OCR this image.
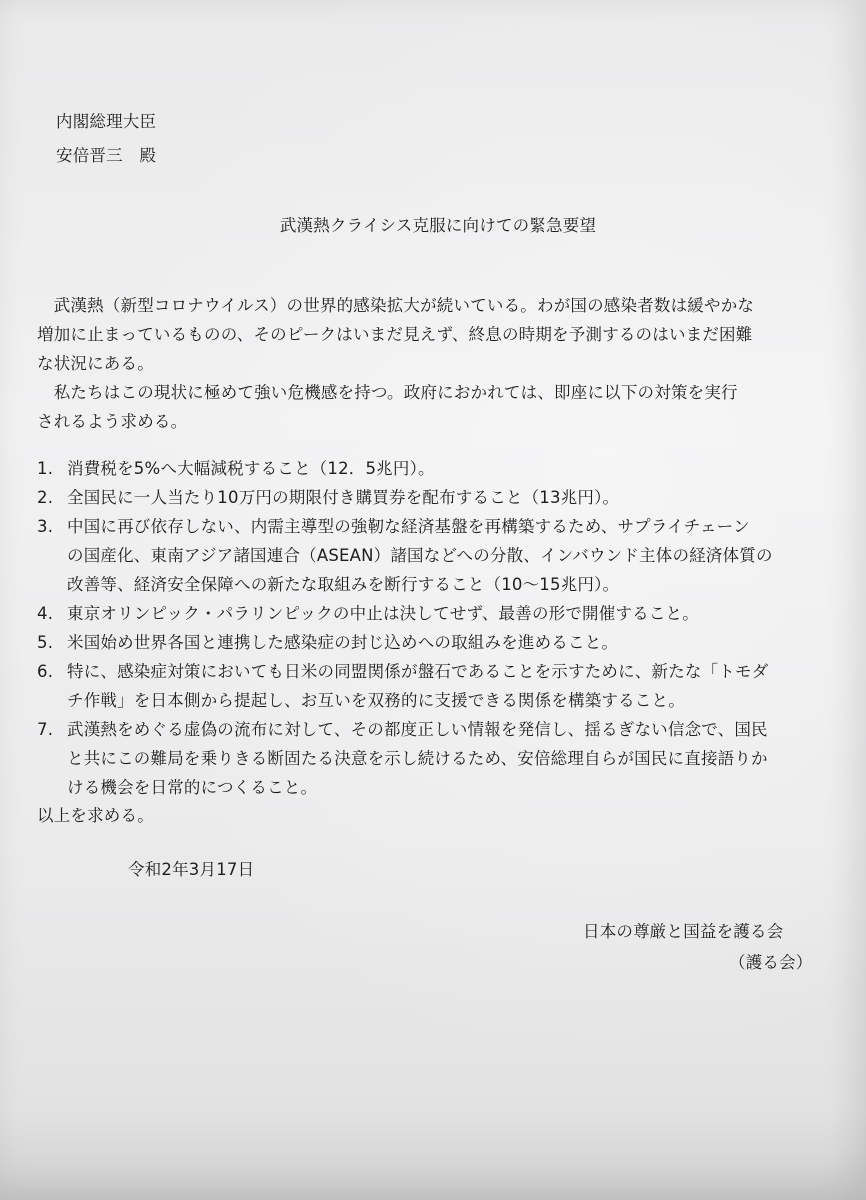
内閣総理大臣
安倍晋三　殿
武漢熱クライシス克服に向けての緊急要望
　武漢熱（新型コロナウイルス）の世界的感染拡大が続いている。わが国の感染者数は緩やかな
増加に止まっているものの、そのピークはいまだ見えず、終息の時期を予測するのはいまだ困難
な状況にある。
　私たちはこの現状に極めて強い危機感を持つ。政府におかれては、即座に以下の対策を実行
されるよう求める。
1. 消費税を5%へ大幅減税すること（12．5兆円）。
2. 全国民に一人当たり10万円の期限付き購買券を配布すること（13兆円）。
3. 中国に再び依存しない、内需主導型の強靭な経済基盤を再構築するため、サプライチェーン
の国産化、東南アジア諸国連合（ASEAN）諸国などへの分散、インバウンド主体の経済体質の
改善等、経済安全保障への新たな取組みを断行すること（10〜15兆円）。
4. 東京オリンピック・パラリンピックの中止は決してせず、最善の形で開催すること。
5. 米国始め世界各国と連携した感染症の封じ込めへの取組みを進めること。
6. 特に、感染症対策においても日米の同盟関係が盤石であることを示すために、新たな「トモダ
チ作戦」を日本側から提起し、お互いを双務的に支援できる関係を構築すること。
7. 武漢熱をめぐる虚偽の流布に対して、その都度正しい情報を発信し、揺るぎない信念で、国民
と共にこの難局を乗りきる断固たる決意を示し続けるため、安倍総理自らが国民に直接語りか
ける機会を日常的につくること。
以上を求める。
令和2年3月17日
日本の尊厳と国益を護る会
（護る会）
